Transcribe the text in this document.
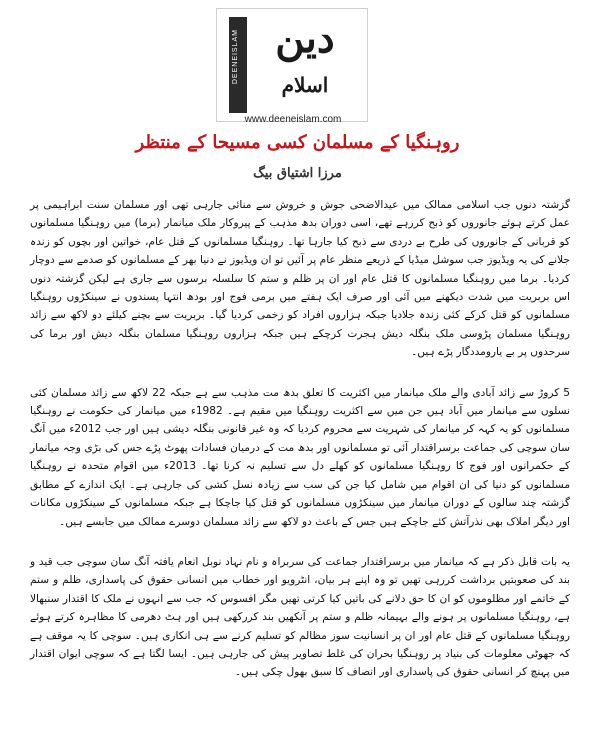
DEENEISLAM دین
اسلام
www.deeneislam.com
روہنگیا کے مسلمان کسی مسیحا کے منتظر
مرزا اشتیاق بیگ

گزشتہ دنوں جب اسلامی ممالک میں عیدالاضحی جوش و خروش سے منائی جارہی تھی اور مسلمان سنت ابراہیمی پر عمل کرتے ہوئے جانوروں کو ذبح کررہے تھے، اسی دوران بدھ مذہب کے پیروکار ملک میانمار (برما) میں روہنگیا مسلمانوں کو قربانی کے جانوروں کی طرح بے دردی سے ذبح کیا جارہا تھا۔ روہنگیا مسلمانوں کے قتل عام، خواتین اور بچوں کو زندہ جلانے کی یہ ویڈیوز جب سوشل میڈیا کے ذریعے منظر عام پر آئیں تو ان ویڈیوز نے دنیا بھر کے مسلمانوں کو صدمے سے دوچار کردیا۔ برما میں روہنگیا مسلمانوں کا قتل عام اور ان پر ظلم و ستم کا سلسلہ برسوں سے جاری ہے لیکن گزشتہ دنوں اس بربریت میں شدت دیکھنے میں آئی اور صرف ایک ہفتے میں برمی فوج اور بودھ انتہا پسندوں نے سینکڑوں روہنگیا مسلمانوں کو قتل کرکے کئی زندہ جلادیا جبکہ ہزاروں افراد کو زخمی کردیا گیا۔ بربریت سے بچنے کیلئے دو لاکھ سے زائد روہنگیا مسلمان پڑوسی ملک بنگلہ دیش ہجرت کرچکے ہیں جبکہ ہزاروں روہنگیا مسلمان بنگلہ دیش اور برما کی سرحدوں پر بے یارومددگار پڑے ہیں۔

5 کروڑ سے زائد آبادی والے ملک میانمار میں اکثریت کا تعلق بدھ مت مذہب سے ہے جبکہ 22 لاکھ سے زائد مسلمان کئی نسلوں سے میانمار میں آباد ہیں جن میں سے اکثریت روہنگیا میں مقیم ہے۔ 1982ء میں میانمار کی حکومت نے روہنگیا مسلمانوں کو یہ کہہ کر میانمار کی شہریت سے محروم کردیا کہ وہ غیر قانونی بنگلہ دیشی ہیں اور جب 2012ء میں آنگ سان سوچی کی جماعت برسراقتدار آئی تو مسلمانوں اور بدھ مت کے درمیان فسادات پھوٹ پڑے جس کی بڑی وجہ میانمار کے حکمرانوں اور فوج کا روہنگیا مسلمانوں کو کھلے دل سے تسلیم نہ کرنا تھا۔ 2013ء میں اقوام متحدہ نے روہنگیا مسلمانوں کو دنیا کی ان اقوام میں شامل کیا جن کی سب سے زیادہ نسل کشی کی جارہی ہے۔ ایک اندازے کے مطابق گزشتہ چند سالوں کے دوران میانمار میں سینکڑوں مسلمانوں کو قتل کیا جاچکا ہے جبکہ مسلمانوں کے سینکڑوں مکانات اور دیگر املاک بھی نذرآتش کئے جاچکے ہیں جس کے باعث دو لاکھ سے زائد مسلمان دوسرے ممالک میں جابسے ہیں۔

یہ بات قابل ذکر ہے کہ میانمار میں برسراقتدار جماعت کی سربراہ و نام نہاد نوبل انعام یافتہ آنگ سان سوچی جب قید و بند کی صعوبتیں برداشت کررہی تھیں تو وہ اپنے ہر بیان، انٹرویو اور خطاب میں انسانی حقوق کی پاسداری، ظلم و ستم کے خاتمے اور مظلوموں کو ان کا حق دلانے کی باتیں کیا کرتی تھیں مگر افسوس کہ جب سے انہوں نے ملک کا اقتدار سنبھالا ہے، روہنگیا مسلمانوں پر ہونے والے بہیمانہ ظلم و ستم پر آنکھیں بند کررکھی ہیں اور ہٹ دھرمی کا مظاہرہ کرتے ہوئے روہنگیا مسلمانوں کے قتل عام اور ان پر انسانیت سوز مظالم کو تسلیم کرنے سے ہی انکاری ہیں۔ سوچی کا یہ موقف ہے کہ جھوٹی معلومات کی بنیاد پر روہنگیا بحران کی غلط تصاویر پیش کی جارہی ہیں۔ ایسا لگتا ہے کہ سوچی ایوان اقتدار میں پہنچ کر انسانی حقوق کی پاسداری اور انصاف کا سبق بھول چکی ہیں۔
